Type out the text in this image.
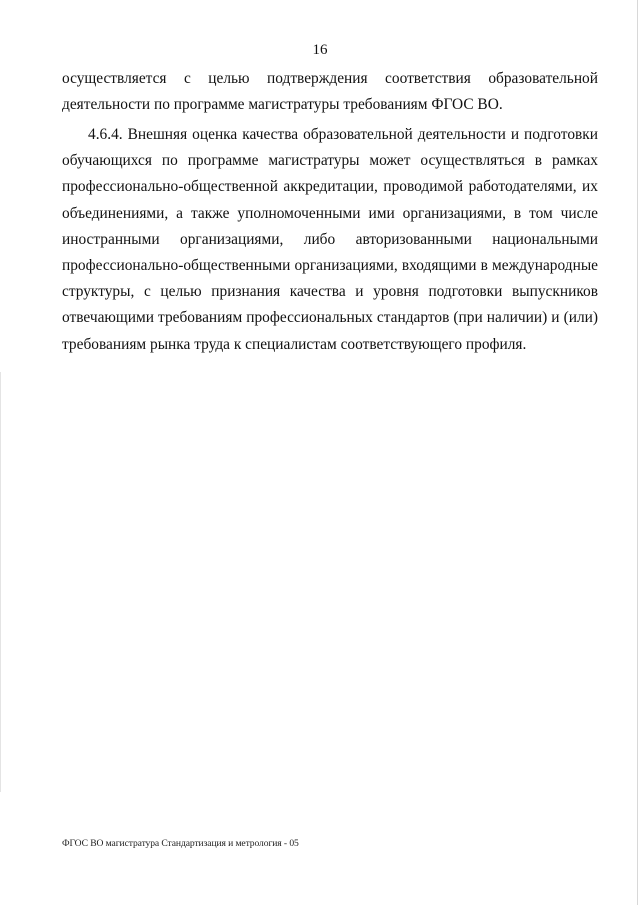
16
осуществляется с целью подтверждения соответствия образовательной
деятельности по программе магистратуры требованиям ФГОС ВО.
4.6.4. Внешняя оценка качества образовательной деятельности и подготовки
обучающихся по программе магистратуры может осуществляться в рамках
профессионально-общественной аккредитации, проводимой работодателями, их
объединениями, а также уполномоченными ими организациями, в том числе
иностранными организациями, либо авторизованными национальными
профессионально-общественными организациями, входящими в международные
структуры, с целью признания качества и уровня подготовки выпускников
отвечающими требованиям профессиональных стандартов (при наличии) и (или)
требованиям рынка труда к специалистам соответствующего профиля.
ФГОС ВО магистратура Стандартизация и метрология - 05
